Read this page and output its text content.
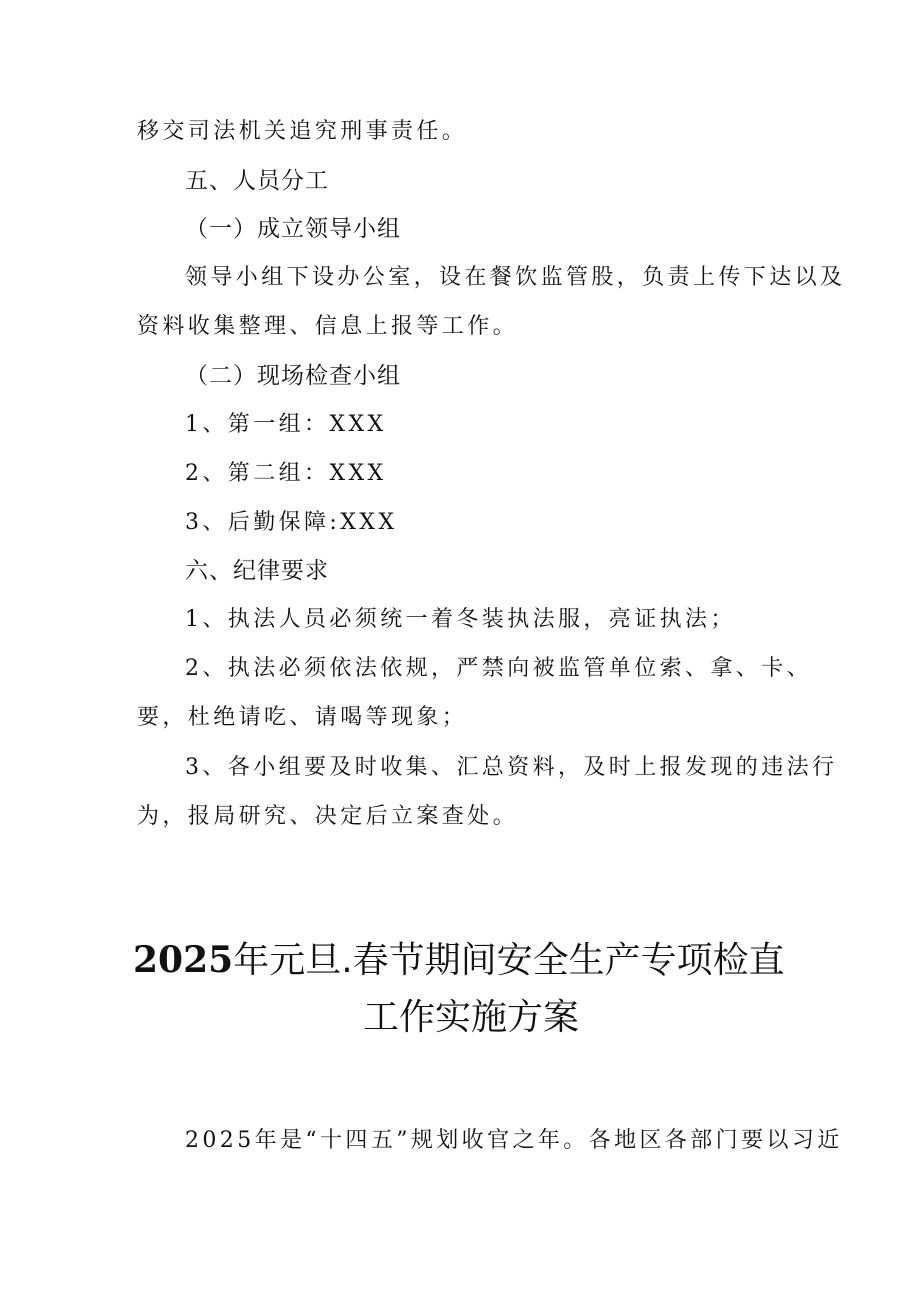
移交司法机关追究刑事责任。
五、人员分工
（一）成立领导小组
领导小组下设办公室，设在餐饮监管股，负责上传下达以及
资料收集整理、信息上报等工作。
（二）现场检查小组
1、第一组：XXX
2、第二组：XXX
3、后勤保障:XXX
六、纪律要求
1、执法人员必须统一着冬装执法服，亮证执法；
2、执法必须依法依规，严禁向被监管单位索、拿、卡、
要，杜绝请吃、请喝等现象；
3、各小组要及时收集、汇总资料，及时上报发现的违法行
为，报局研究、决定后立案查处。
2025年元旦.春节期间安全生产专项检直
工作实施方案
2025年是“十四五”规划收官之年。各地区各部门要以习近
